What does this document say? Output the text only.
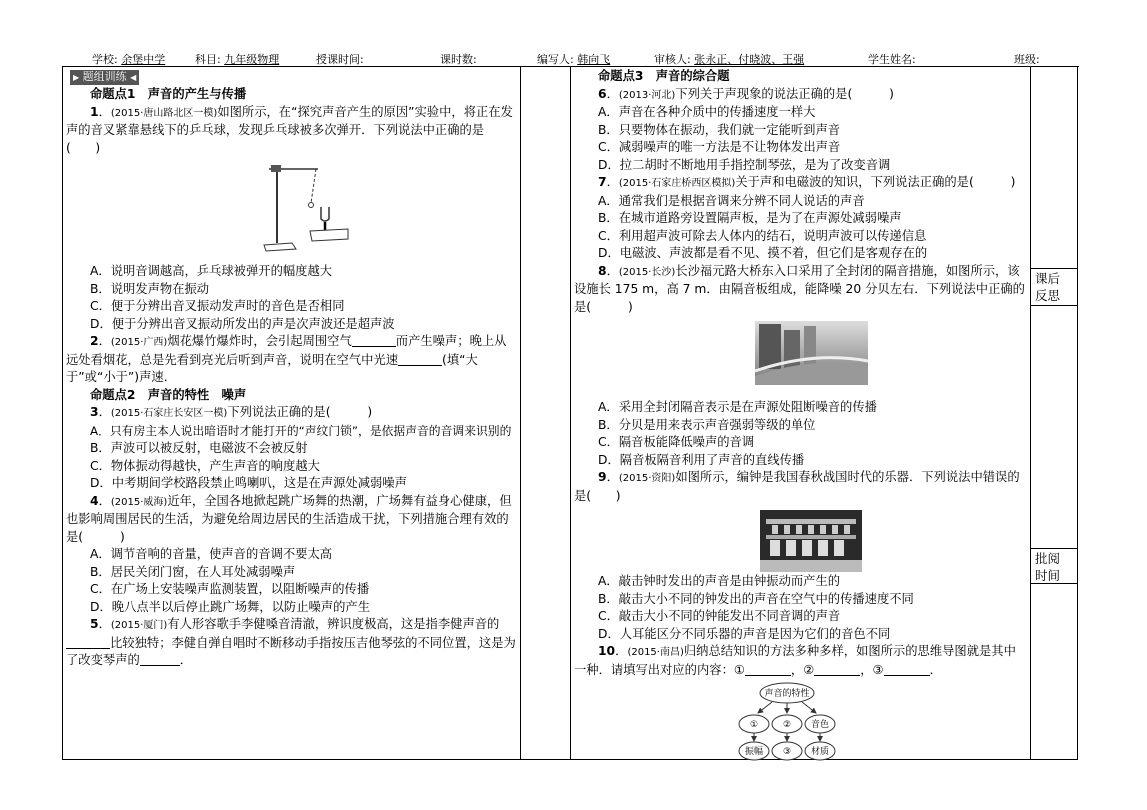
学校: 余堡中学	科目: 九年级物理	授课时间:	课时数:	编写人: 韩向飞	审核人: 张永正、付晓波、王强	学生姓名:	班级:
课后反思
批阅时间
▶ 题组训练 ◀

命题点1　声音的产生与传播

1．(2015·唐山路北区一模)如图所示，在“探究声音产生的原因”实验中，将正在发声的音叉紧靠悬线下的乒乓球，发现乒乓球被多次弹开．下列说法中正确的是(　　)

A．说明音调越高，乒乓球被弹开的幅度越大

B．说明发声物在振动

C．便于分辨出音叉振动发声时的音色是否相同

D．便于分辨出音叉振动所发出的声是次声波还是超声波

2．(2015·广西)烟花爆竹爆炸时，会引起周围空气	而产生噪声；晚上从远处看烟花，总是先看到亮光后听到声音，说明在空气中光速	(填“大于”或“小于”)声速．

命题点2　声音的特性　噪声

3．(2015·石家庄长安区一模)下列说法正确的是(　　　)

A．只有房主本人说出暗语时才能打开的“声纹门锁”，是依据声音的音调来识别的

B．声波可以被反射，电磁波不会被反射

C．物体振动得越快，产生声音的响度越大

D．中考期间学校路段禁止鸣喇叭，这是在声源处减弱噪声

4．(2015·威海)近年，全国各地掀起跳广场舞的热潮，广场舞有益身心健康，但也影响周围居民的生活，为避免给周边居民的生活造成干扰，下列措施合理有效的是(　　　)

A．调节音响的音量，使声音的音调不要太高

B．居民关闭门窗，在人耳处减弱噪声

C．在广场上安装噪声监测装置，以阻断噪声的传播

D．晚八点半以后停止跳广场舞，以防止噪声的产生

5．(2015·厦门)有人形容歌手李健嗓音清澈，辨识度极高，这是指李健声音的比较独特；李健自弹自唱时不断移动手指按压吉他琴弦的不同位置，这是为了改变琴声的	．

命题点3　声音的综合题

6．(2013·河北)下列关于声现象的说法正确的是(　　　)

A．声音在各种介质中的传播速度一样大

B．只要物体在振动，我们就一定能听到声音

C．减弱噪声的唯一方法是不让物体发出声音

D．拉二胡时不断地用手指控制琴弦，是为了改变音调

7．(2015·石家庄桥西区模拟)关于声和电磁波的知识，下列说法正确的是(　　　)

A．通常我们是根据音调来分辨不同人说话的声音

B．在城市道路旁设置隔声板，是为了在声源处减弱噪声

C．利用超声波可除去人体内的结石，说明声波可以传递信息

D．电磁波、声波都是看不见、摸不着，但它们是客观存在的

8．(2015·长沙)长沙福元路大桥东入口采用了全封闭的隔音措施，如图所示，该设施长 175 m，高 7 m．由隔音板组成，能降噪 20 分贝左右．下列说法中正确的是(　　　)

A．采用全封闭隔音表示是在声源处阻断噪音的传播

B．分贝是用来表示声音强弱等级的单位

C．隔音板能降低噪声的音调

D．隔音板隔音利用了声音的直线传播

9．(2015·资阳)如图所示，编钟是我国春秋战国时代的乐器．下列说法中错误的是(　　)

A．敲击钟时发出的声音是由钟振动而产生的

B．敲击大小不同的钟发出的声音在空气中的传播速度不同

C．敲击大小不同的钟能发出不同音调的声音

D．人耳能区分不同乐器的声音是因为它们的音色不同

10．(2015·南昌)归纳总结知识的方法多种多样，如图所示的思维导图就是其中一种．请填写出对应的内容：①	，②	，③	．

声音的特性
①	② 音色
振幅 ③ 材质
